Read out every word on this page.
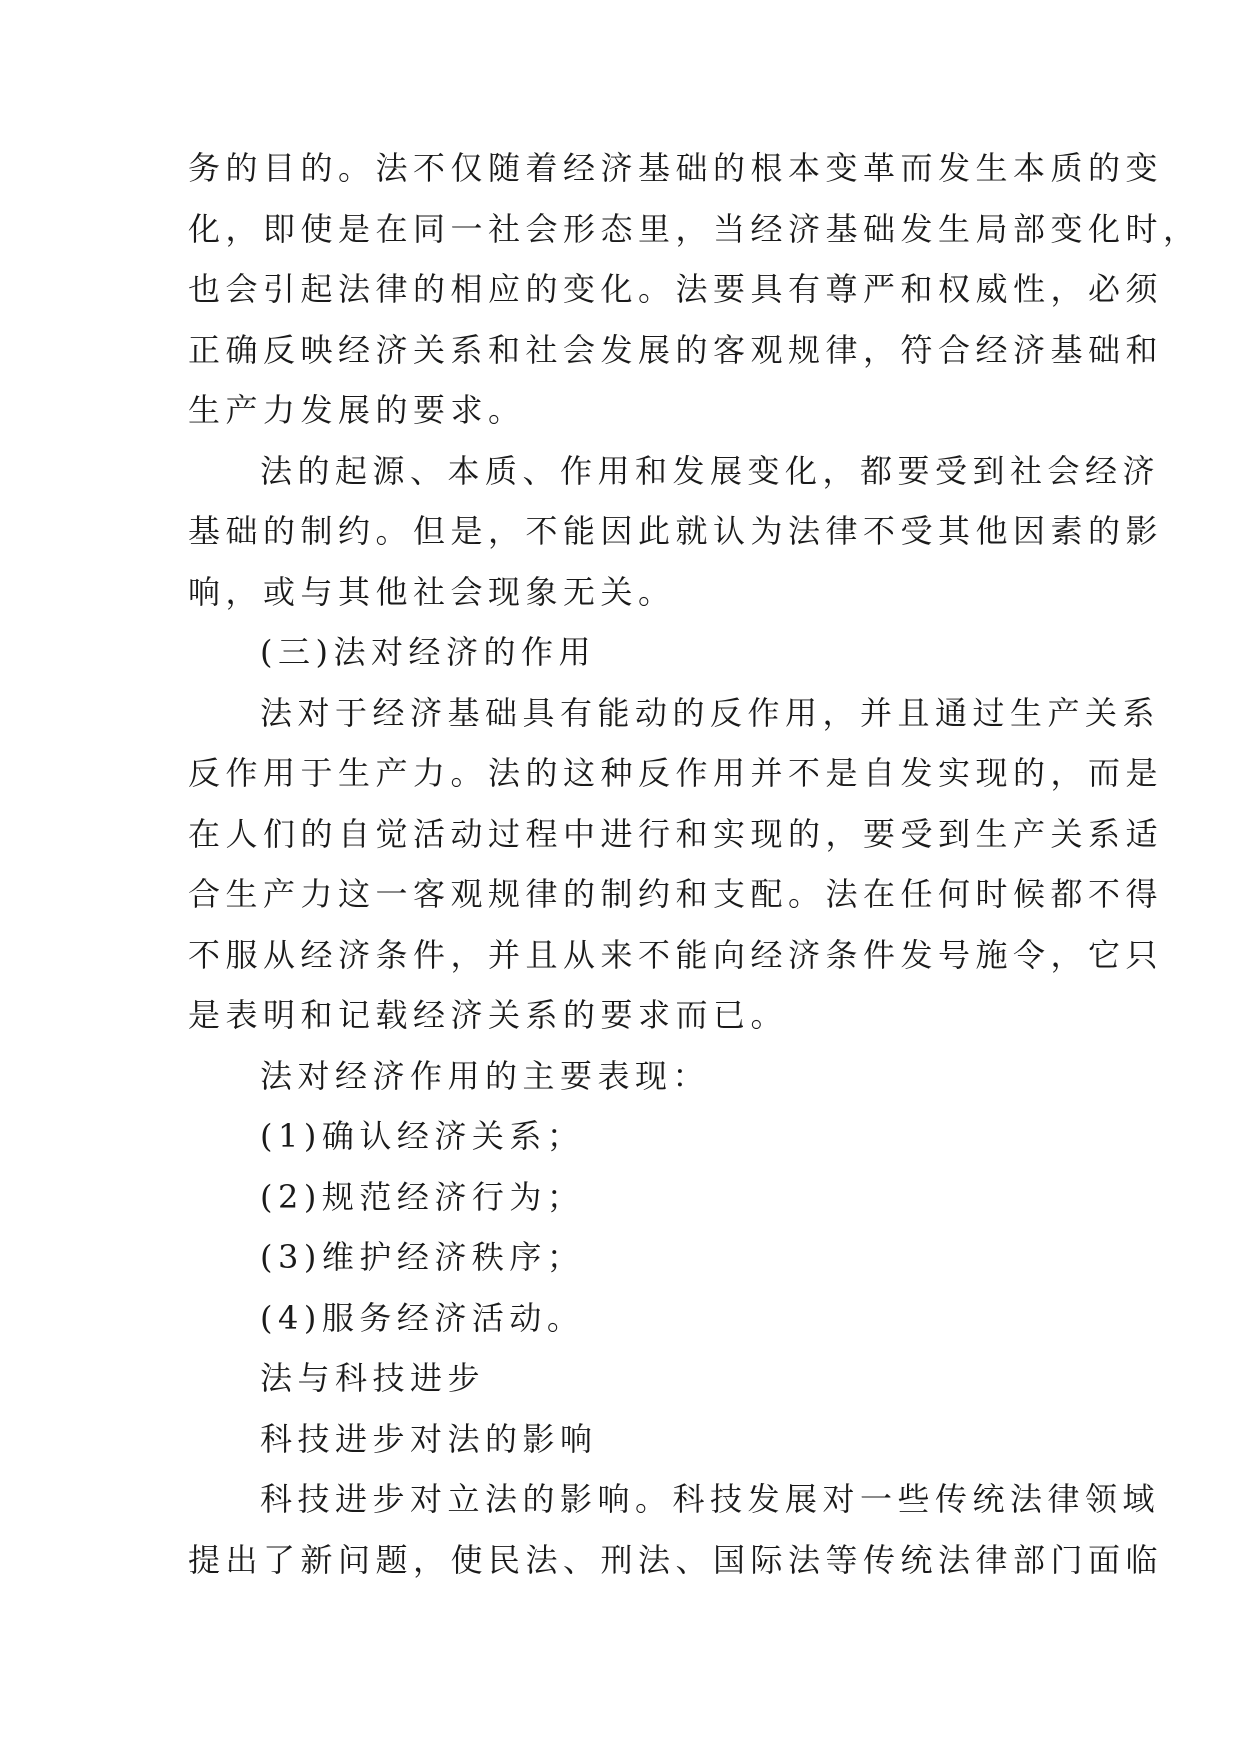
务的目的。法不仅随着经济基础的根本变革而发生本质的变
化，即使是在同一社会形态里，当经济基础发生局部变化时，
也会引起法律的相应的变化。法要具有尊严和权威性，必须
正确反映经济关系和社会发展的客观规律，符合经济基础和
生产力发展的要求。
法的起源、本质、作用和发展变化，都要受到社会经济
基础的制约。但是，不能因此就认为法律不受其他因素的影
响，或与其他社会现象无关。
(三)法对经济的作用
法对于经济基础具有能动的反作用，并且通过生产关系
反作用于生产力。法的这种反作用并不是自发实现的，而是
在人们的自觉活动过程中进行和实现的，要受到生产关系适
合生产力这一客观规律的制约和支配。法在任何时候都不得
不服从经济条件，并且从来不能向经济条件发号施令，它只
是表明和记载经济关系的要求而已。
法对经济作用的主要表现：
(1)确认经济关系；
(2)规范经济行为；
(3)维护经济秩序；
(4)服务经济活动。
法与科技进步
科技进步对法的影响
科技进步对立法的影响。科技发展对一些传统法律领域
提出了新问题，使民法、刑法、国际法等传统法律部门面临
